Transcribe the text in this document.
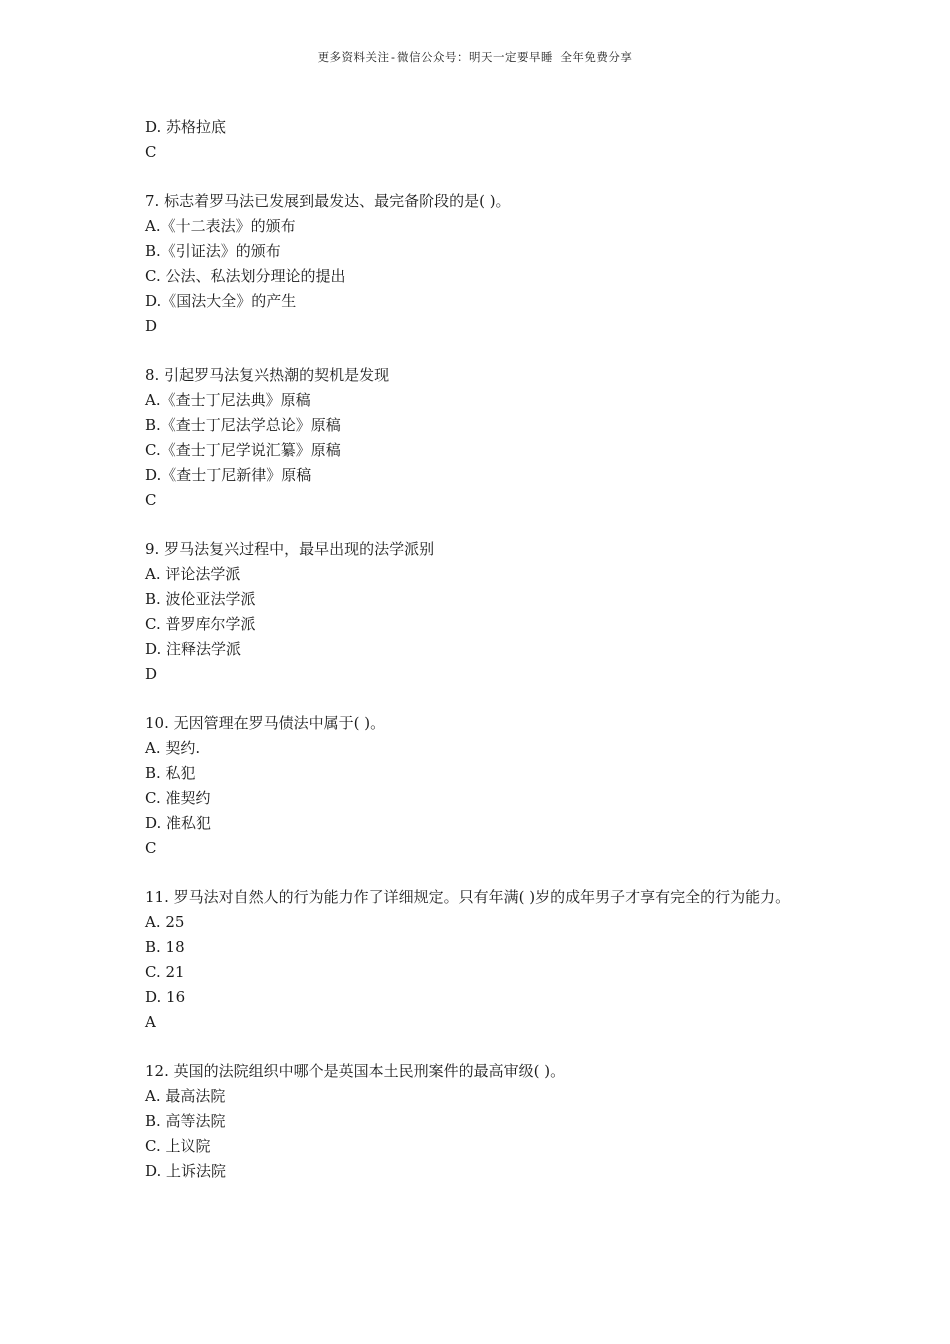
更多资料关注-微信公众号：明天一定要早睡 全年免费分享

D. 苏格拉底

C

7. 标志着罗马法已发展到最发达、最完备阶段的是( )。

A.《十二表法》的颁布

B.《引证法》的颁布

C. 公法、私法划分理论的提出

D.《国法大全》的产生

D

8. 引起罗马法复兴热潮的契机是发现

A.《查士丁尼法典》原稿

B.《查士丁尼法学总论》原稿

C.《查士丁尼学说汇纂》原稿

D.《查士丁尼新律》原稿

C

9. 罗马法复兴过程中，最早出现的法学派别

A. 评论法学派

B. 波伦亚法学派

C. 普罗库尔学派

D. 注释法学派

D

10. 无因管理在罗马债法中属于( )。

A. 契约.

B. 私犯

C. 准契约

D. 准私犯

C

11. 罗马法对自然人的行为能力作了详细规定。只有年满( )岁的成年男子才享有完全的行为能力。

A. 25

B. 18

C. 21

D. 16

A

12. 英国的法院组织中哪个是英国本土民刑案件的最高审级( )。

A. 最高法院

B. 高等法院

C. 上议院

D. 上诉法院
